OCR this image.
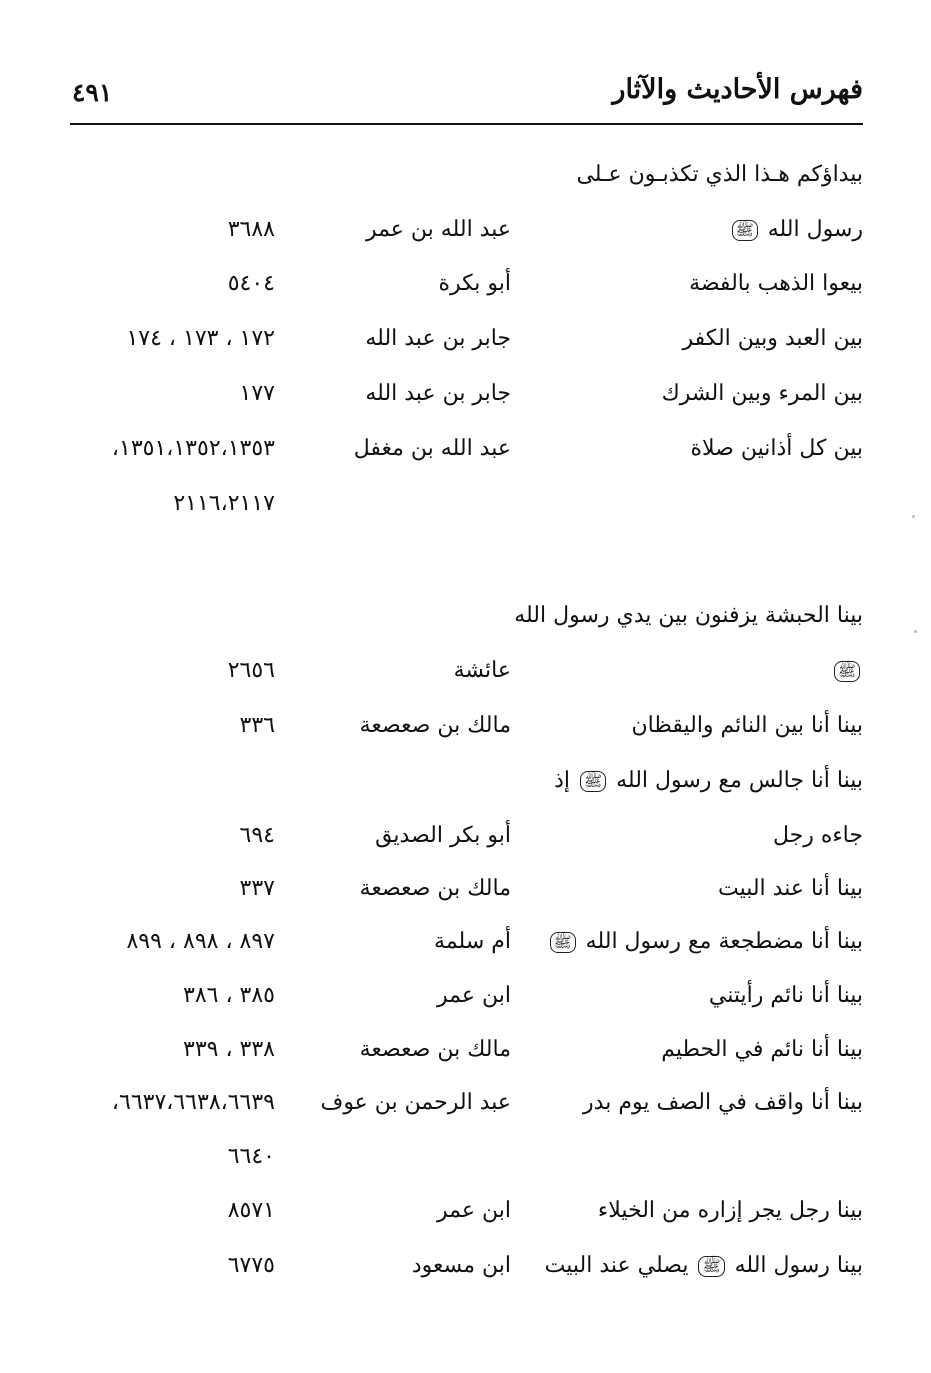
فهرس الأحاديث والآثار
٤٩١
بيداؤكم هـذا الذي تكذبـون عـلى
رسول الله ﷺ
عبد الله بن عمر
٣٦٨٨
بيعوا الذهب بالفضة
أبو بكرة
٥٤٠٤
بين العبد وبين الكفر
جابر بن عبد الله
١٧٢ ، ١٧٣ ، ١٧٤
بين المرء وبين الشرك
جابر بن عبد الله
١٧٧
بين كل أذانين صلاة
عبد الله بن مغفل
١٣٥١،١٣٥٢،١٣٥٣،
٢١١٦،٢١١٧
بينا الحبشة يزفنون بين يدي رسول الله
ﷺ
عائشة
٢٦٥٦
بينا أنا بين النائم واليقظان
مالك بن صعصعة
٣٣٦
بينا أنا جالس مع رسول الله ﷺ إذ
جاءه رجل
أبو بكر الصديق
٦٩٤
بينا أنا عند البيت
مالك بن صعصعة
٣٣٧
بينا أنا مضطجعة مع رسول الله ﷺ
أم سلمة
٨٩٧ ، ٨٩٨ ، ٨٩٩
بينا أنا نائم رأيتني
ابن عمر
٣٨٥ ، ٣٨٦
بينا أنا نائم في الحطيم
مالك بن صعصعة
٣٣٨ ، ٣٣٩
بينا أنا واقف في الصف يوم بدر
عبد الرحمن بن عوف
٦٦٣٧،٦٦٣٨،٦٦٣٩،
٦٦٤٠
بينا رجل يجر إزاره من الخيلاء
ابن عمر
٨٥٧١
بينا رسول الله ﷺ يصلي عند البيت
ابن مسعود
٦٧٧٥
